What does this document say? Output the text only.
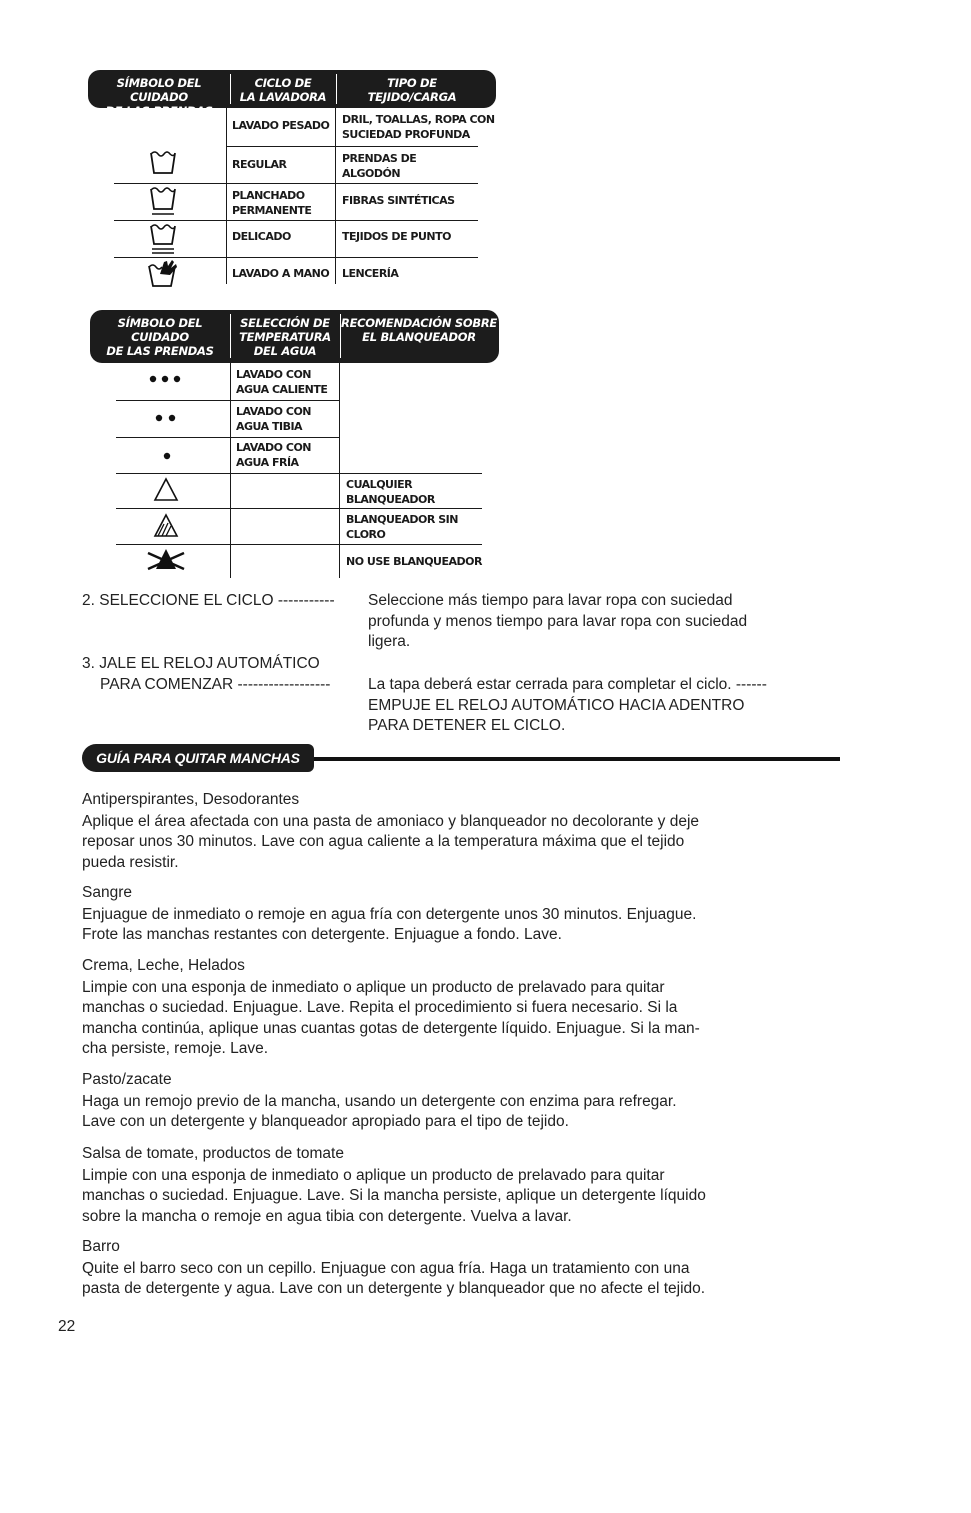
SÍMBOLO DEL CUIDADO
DE LAS PRENDAS
CICLO DE
LA LAVADORA
TIPO DE
TEJIDO/CARGA
LAVADO PESADO DRIL, TOALLAS, ROPA CON
SUCIEDAD PROFUNDA
REGULAR	PRENDAS DE
ALGODÓN
PLANCHADO
PERMANENTE
FIBRAS SINTÉTICAS
DELICADO	TEJIDOS DE PUNTO
LAVADO A MANO LENCERÍA
SÍMBOLO DEL CUIDADO
DE LAS PRENDAS
SELECCIÓN DE
TEMPERATURA
DEL AGUA
RECOMENDACIÓN SOBRE
EL BLANQUEADOR
LAVADO CON
AGUA CALIENTE
LAVADO CON
AGUA TIBIA
LAVADO CON
AGUA FRÍA
CUALQUIER
BLANQUEADOR
BLANQUEADOR SIN
CLORO
NO USE BLANQUEADOR
2. SELECCIONE EL CICLO ----------- Seleccione más tiempo para lavar ropa con suciedad
profunda y menos tiempo para lavar ropa con suciedad
ligera.
3. JALE EL RELOJ AUTOMÁTICO
PARA COMENZAR ------------------ La tapa deberá estar cerrada para completar el ciclo. ------
EMPUJE EL RELOJ AUTOMÁTICO HACIA ADENTRO
PARA DETENER EL CICLO.
GUÍA PARA QUITAR MANCHAS
Antiperspirantes, Desodorantes
Aplique el área afectada con una pasta de amoniaco y blanqueador no decolorante y deje
reposar unos 30 minutos. Lave con agua caliente a la temperatura máxima que el tejido
pueda resistir.
Sangre
Enjuague de inmediato o remoje en agua fría con detergente unos 30 minutos. Enjuague.
Frote las manchas restantes con detergente. Enjuague a fondo. Lave.
Crema, Leche, Helados
Limpie con una esponja de inmediato o aplique un producto de prelavado para quitar
manchas o suciedad. Enjuague. Lave. Repita el procedimiento si fuera necesario. Si la
mancha continúa, aplique unas cuantas gotas de detergente líquido. Enjuague. Si la man-
cha persiste, remoje. Lave.
Pasto/zacate
Haga un remojo previo de la mancha, usando un detergente con enzima para refregar.
Lave con un detergente y blanqueador apropiado para el tipo de tejido.
Salsa de tomate, productos de tomate
Limpie con una esponja de inmediato o aplique un producto de prelavado para quitar
manchas o suciedad. Enjuague. Lave. Si la mancha persiste, aplique un detergente líquido
sobre la mancha o remoje en agua tibia con detergente. Vuelva a lavar.
Barro
Quite el barro seco con un cepillo. Enjuague con agua fría. Haga un tratamiento con una
pasta de detergente y agua. Lave con un detergente y blanqueador que no afecte el tejido.
22
